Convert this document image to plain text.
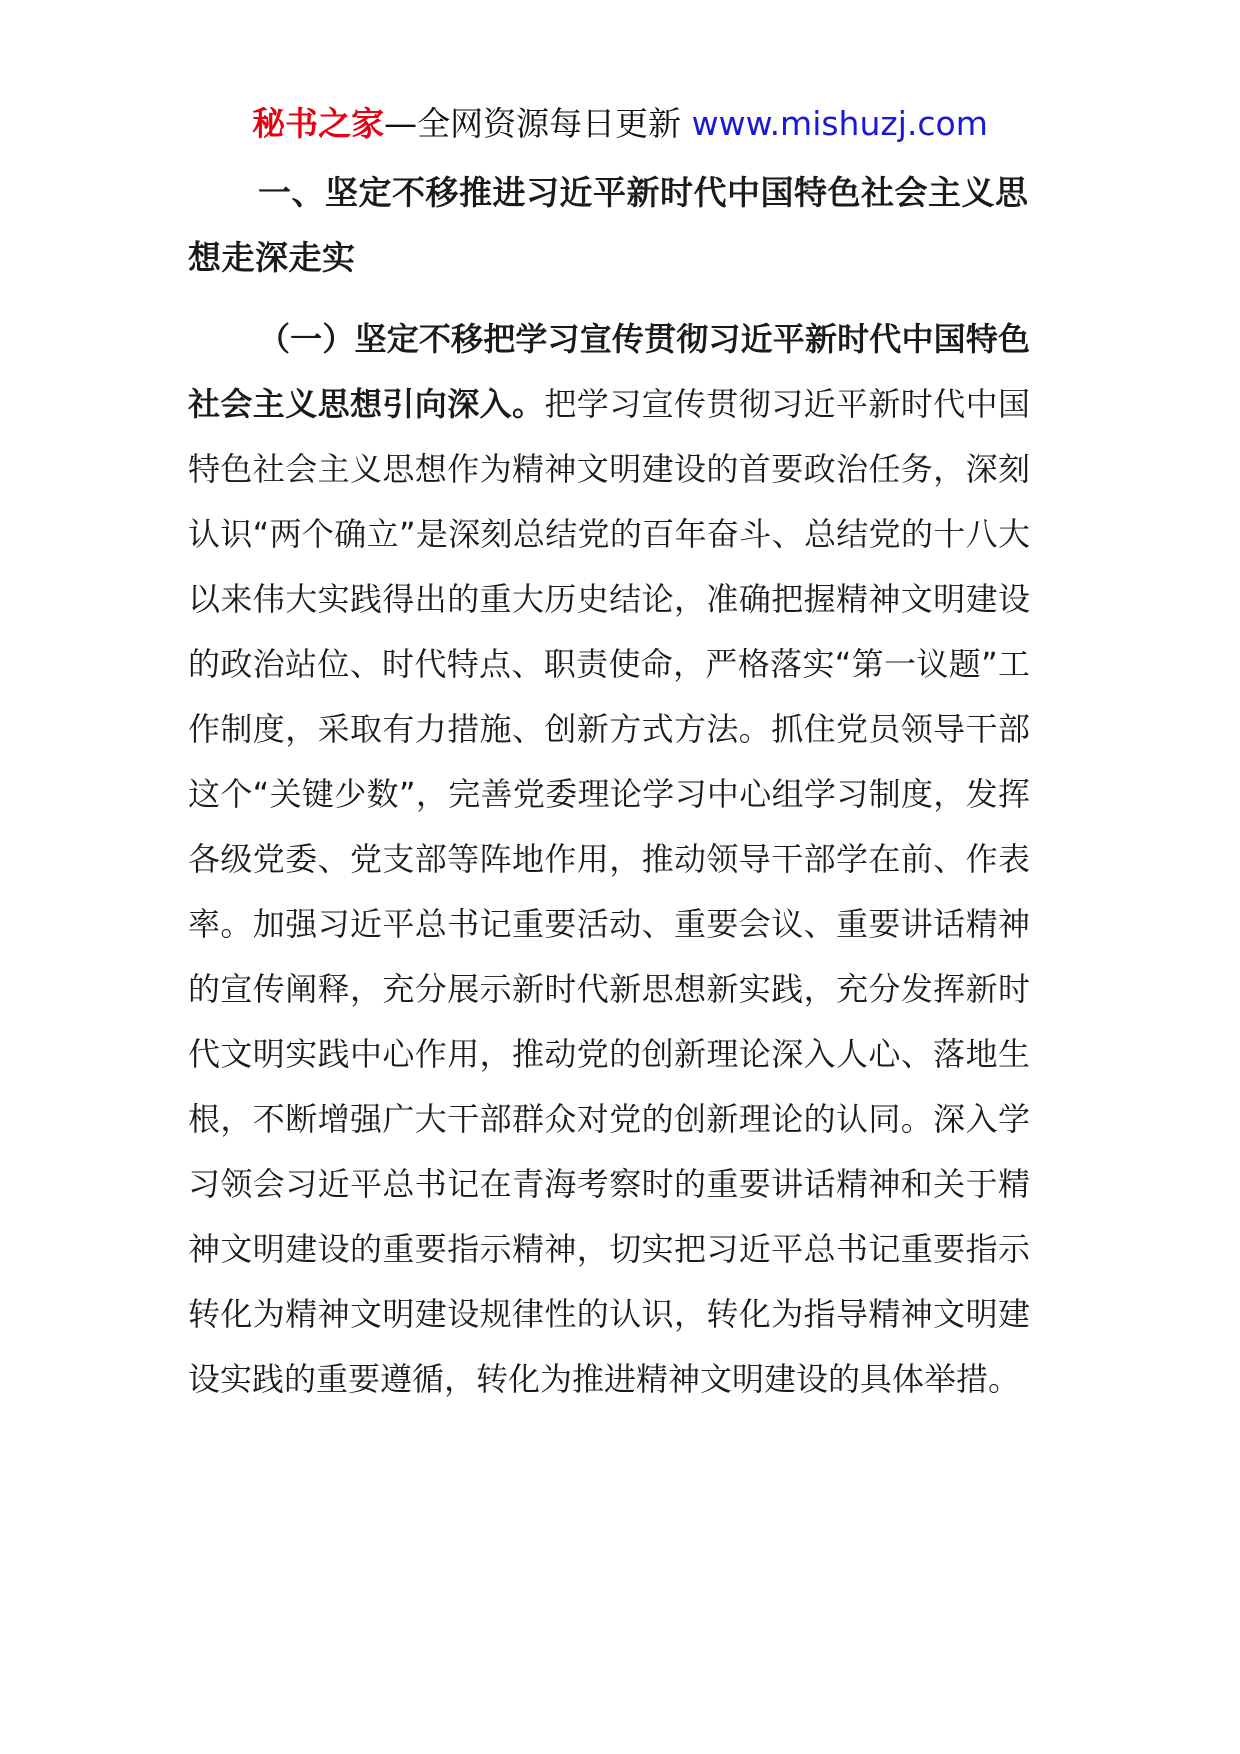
秘书之家—全网资源每日更新 www.mishuzj.com

一、坚定不移推进习近平新时代中国特色社会主义思想走深走实

（一）坚定不移把学习宣传贯彻习近平新时代中国特色社会主义思想引向深入。把学习宣传贯彻习近平新时代中国特色社会主义思想作为精神文明建设的首要政治任务，深刻认识“两个确立”是深刻总结党的百年奋斗、总结党的十八大以来伟大实践得出的重大历史结论，准确把握精神文明建设的政治站位、时代特点、职责使命，严格落实“第一议题”工作制度，采取有力措施、创新方式方法。抓住党员领导干部这个“关键少数”，完善党委理论学习中心组学习制度，发挥各级党委、党支部等阵地作用，推动领导干部学在前、作表率。加强习近平总书记重要活动、重要会议、重要讲话精神的宣传阐释，充分展示新时代新思想新实践，充分发挥新时代文明实践中心作用，推动党的创新理论深入人心、落地生根，不断增强广大干部群众对党的创新理论的认同。深入学习领会习近平总书记在青海考察时的重要讲话精神和关于精神文明建设的重要指示精神，切实把习近平总书记重要指示转化为精神文明建设规律性的认识，转化为指导精神文明建设实践的重要遵循，转化为推进精神文明建设的具体举措。
